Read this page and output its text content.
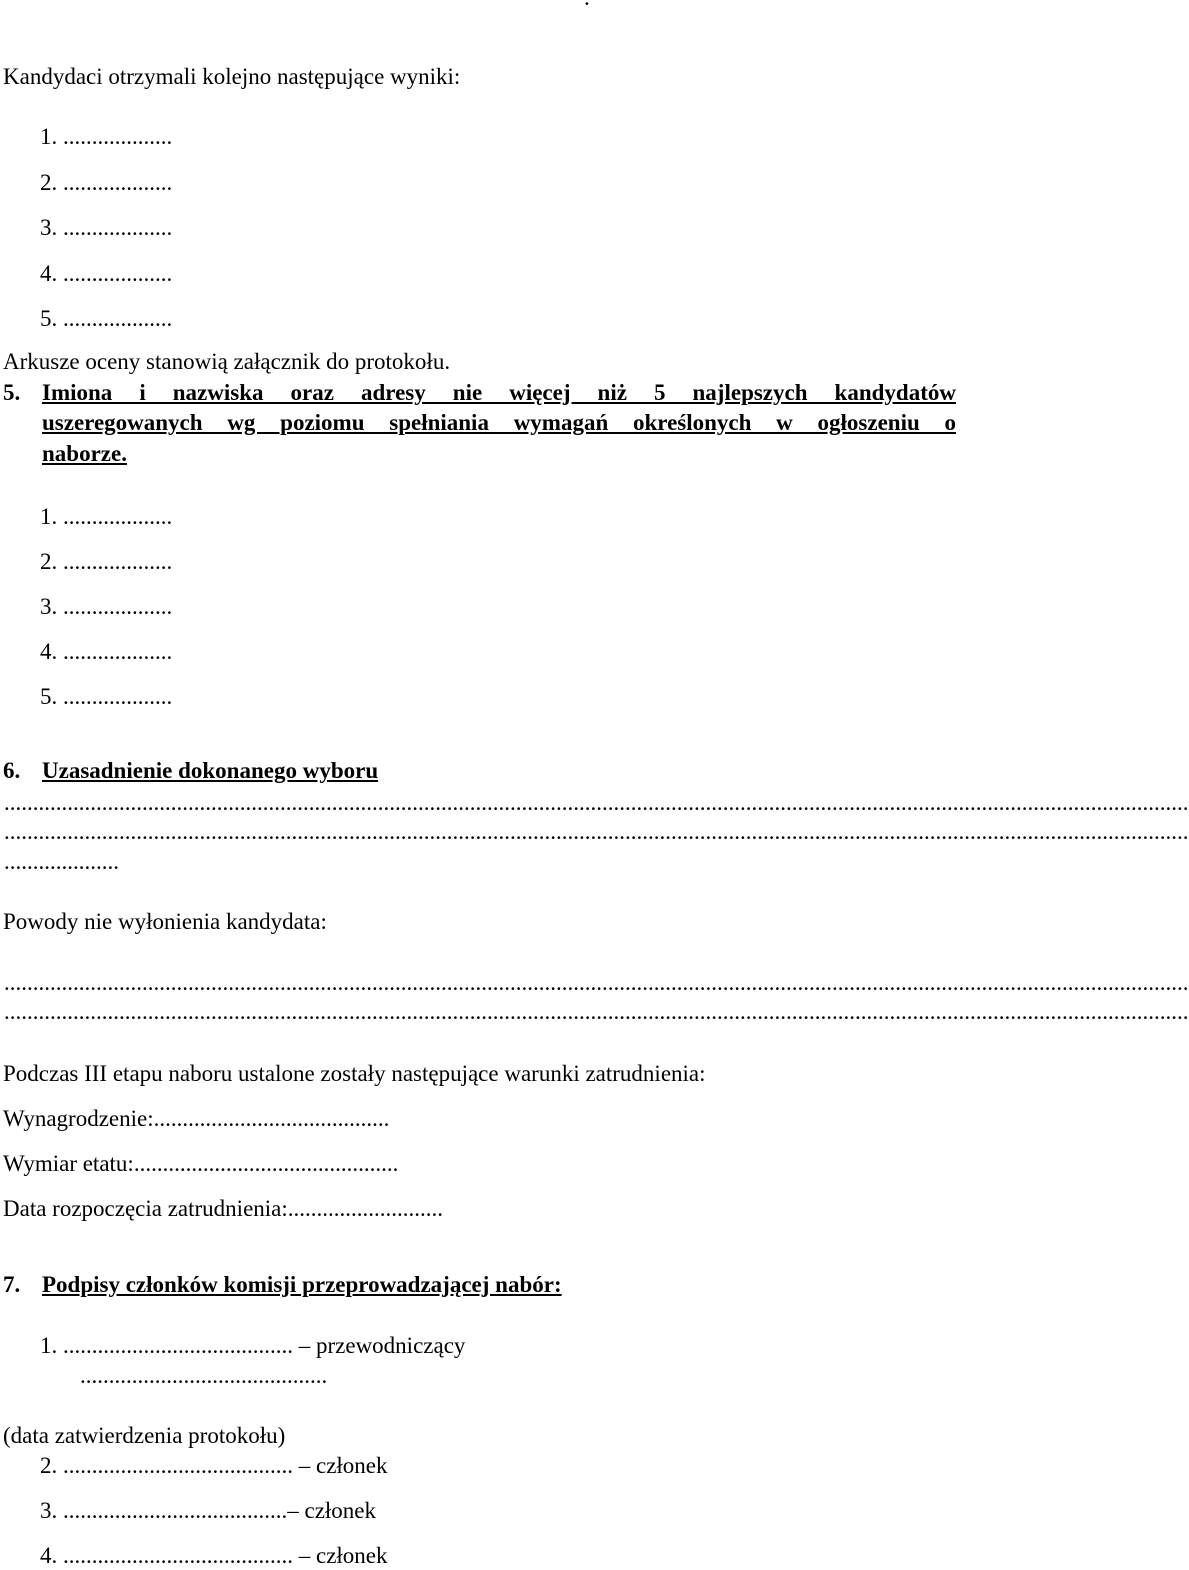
Kandydaci otrzymali kolejno następujące wyniki:
1. ...................
2. ...................
3. ...................
4. ...................
5. ...................
Arkusze oceny stanowią załącznik do protokołu.
5. Imiona i nazwiska oraz adresy nie więcej niż 5 najlepszych kandydatów
uszeregowanych wg poziomu spełniania wymagań określonych w ogłoszeniu o
naborze.
1. ...................
2. ...................
3. ...................
4. ...................
5. ...................
6. Uzasadnienie dokonanego wyboru
..............................................................................................................................................................................................................
..............................................................................................................................................................................................................
....................
Powody nie wyłonienia kandydata:
..............................................................................................................................................................................................................
..............................................................................................................................................................................................................
Podczas III etapu naboru ustalone zostały następujące warunki zatrudnienia:
Wynagrodzenie:.........................................
Wymiar etatu:..............................................
Data rozpoczęcia zatrudnienia:...........................
7. Podpisy członków komisji przeprowadzającej nabór:
1. ........................................ – przewodniczący
...........................................
(data zatwierdzenia protokołu)
2. ........................................ – członek
3. .......................................– członek
4. ........................................ – członek
